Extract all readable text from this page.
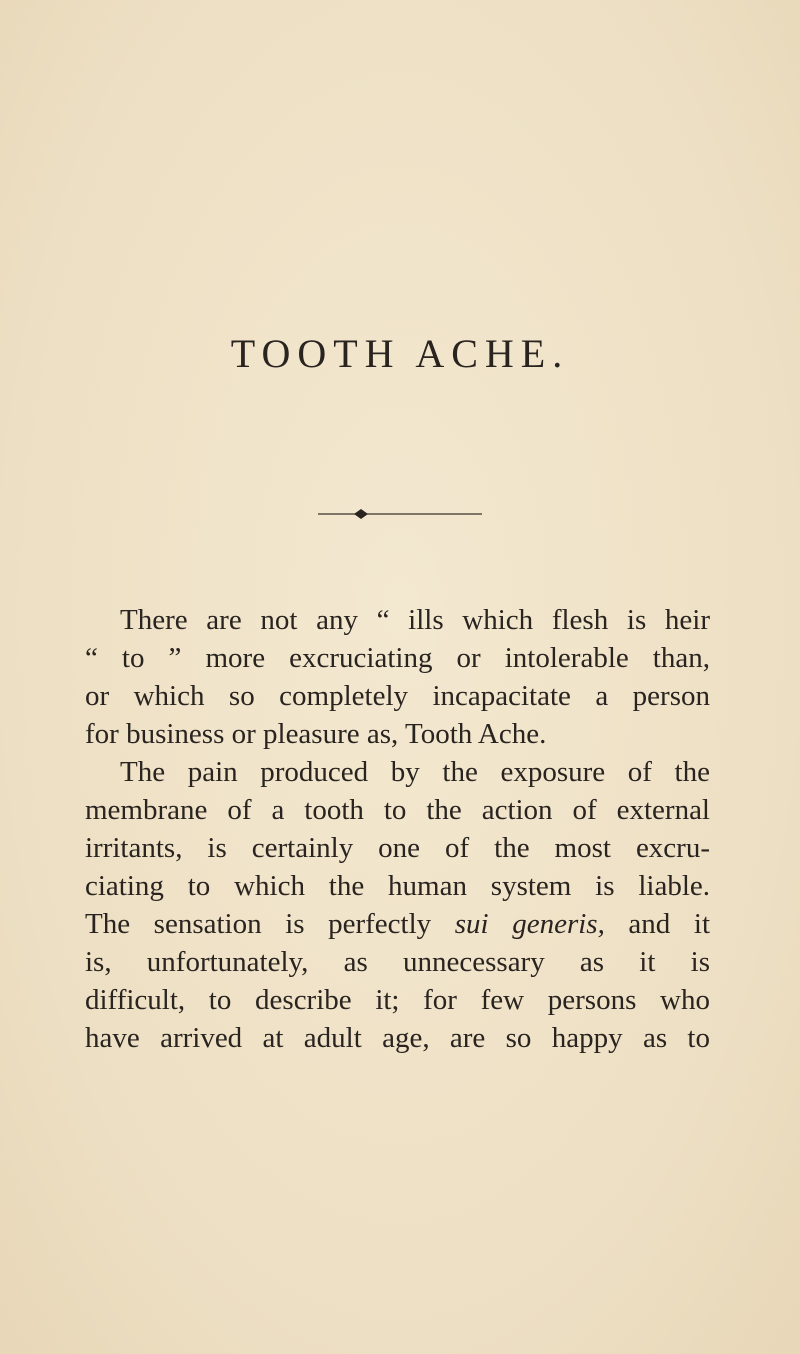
TOOTH ACHE.

There are not any “ ills which flesh is heir
“ to ” more excruciating or intolerable than,
or which so completely incapacitate a person
for business or pleasure as, Tooth Ache.

The pain produced by the exposure of the
membrane of a tooth to the action of external
irritants, is certainly one of the most excru-
ciating to which the human system is liable.
The sensation is perfectly sui generis, and it
is, unfortunately, as unnecessary as it is
difficult, to describe it; for few persons who
have arrived at adult age, are so happy as to
